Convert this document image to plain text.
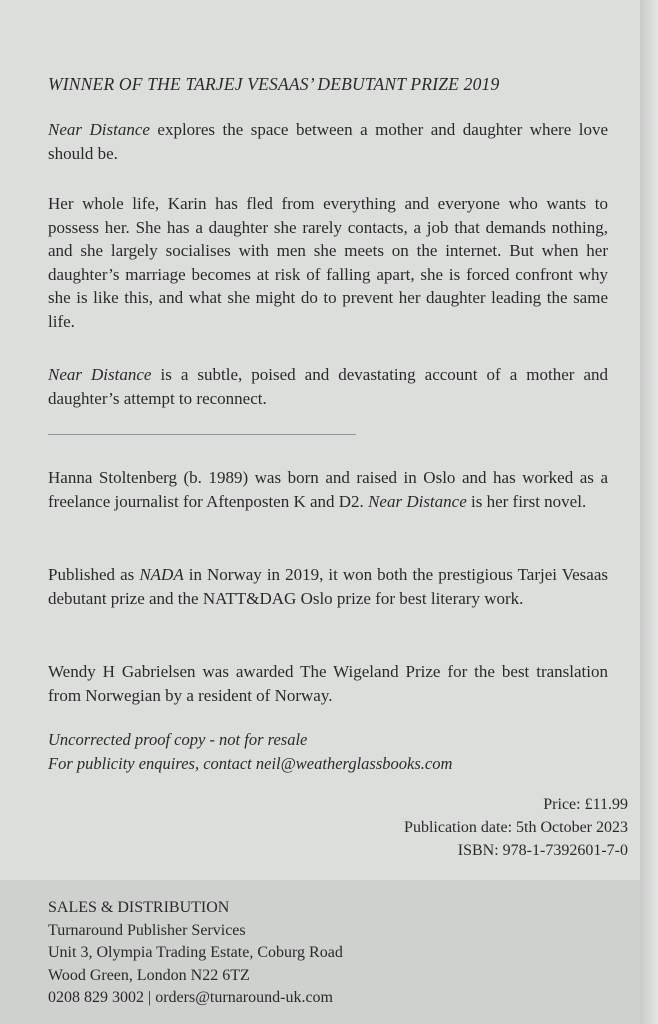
WINNER OF THE TARJEJ VESAAS’ DEBUTANT PRIZE 2019

Near Distance explores the space between a mother and daughter where love should be.

Her whole life, Karin has fled from everything and everyone who wants to possess her. She has a daughter she rarely contacts, a job that demands nothing, and she largely socialises with men she meets on the internet. But when her daughter’s marriage becomes at risk of falling apart, she is forced confront why she is like this, and what she might do to prevent her daughter leading the same life.

Near Distance is a subtle, poised and devastating account of a mother and daughter’s attempt to reconnect.

Hanna Stoltenberg (b. 1989) was born and raised in Oslo and has worked as a freelance journalist for Aftenposten K and D2. Near Distance is her first novel.

Published as NADA in Norway in 2019, it won both the prestigious Tarjei Vesaas debutant prize and the NATT&DAG Oslo prize for best literary work.

Wendy H Gabrielsen was awarded The Wigeland Prize for the best translation from Norwegian by a resident of Norway.

Uncorrected proof copy - not for resale
For publicity enquires, contact neil@weatherglassbooks.com
Price: £11.99
Publication date: 5th October 2023
ISBN: 978-1-7392601-7-0
SALES & DISTRIBUTION
Turnaround Publisher Services
Unit 3, Olympia Trading Estate, Coburg Road
Wood Green, London N22 6TZ
0208 829 3002 | orders@turnaround-uk.com
